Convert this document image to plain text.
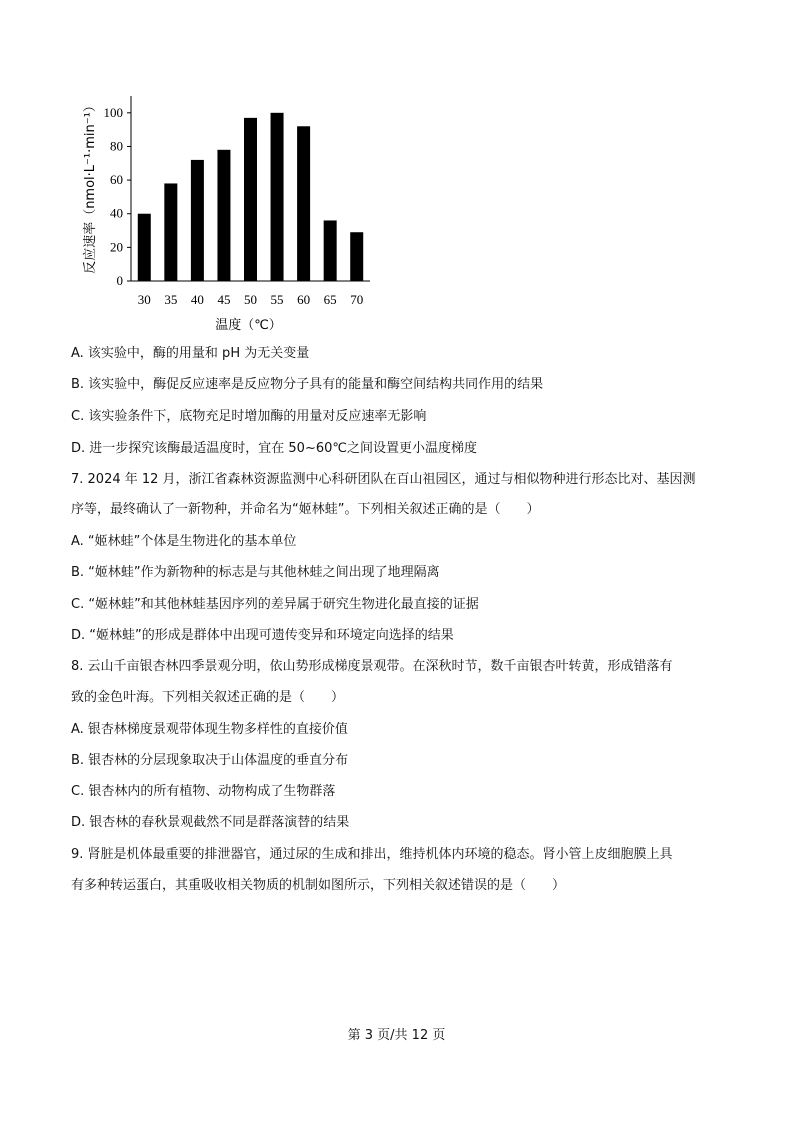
0
20
40
60
80
100
30 35 40 45 50 55 60 65 70
反应速率（nmol·L⁻¹·min⁻¹）
温度（℃）
A. 该实验中，酶的用量和 pH 为无关变量
B. 该实验中，酶促反应速率是反应物分子具有的能量和酶空间结构共同作用的结果
C. 该实验条件下，底物充足时增加酶的用量对反应速率无影响
D. 进一步探究该酶最适温度时，宜在 50~60℃之间设置更小温度梯度
7. 2024 年 12 月，浙江省森林资源监测中心科研团队在百山祖园区，通过与相似物种进行形态比对、基因测
序等，最终确认了一新物种，并命名为“姬林蛙”。下列相关叙述正确的是（　　）
A. “姬林蛙”个体是生物进化的基本单位
B. “姬林蛙”作为新物种的标志是与其他林蛙之间出现了地理隔离
C. “姬林蛙”和其他林蛙基因序列的差异属于研究生物进化最直接的证据
D. “姬林蛙”的形成是群体中出现可遗传变异和环境定向选择的结果
8. 云山千亩银杏林四季景观分明，依山势形成梯度景观带。在深秋时节，数千亩银杏叶转黄，形成错落有
致的金色叶海。下列相关叙述正确的是（　　）
A. 银杏林梯度景观带体现生物多样性的直接价值
B. 银杏林的分层现象取决于山体温度的垂直分布
C. 银杏林内的所有植物、动物构成了生物群落
D. 银杏林的春秋景观截然不同是群落演替的结果
9. 肾脏是机体最重要的排泄器官，通过尿的生成和排出，维持机体内环境的稳态。肾小管上皮细胞膜上具
有多种转运蛋白，其重吸收相关物质的机制如图所示，下列相关叙述错误的是（　　）
第 3 页/共 12 页
